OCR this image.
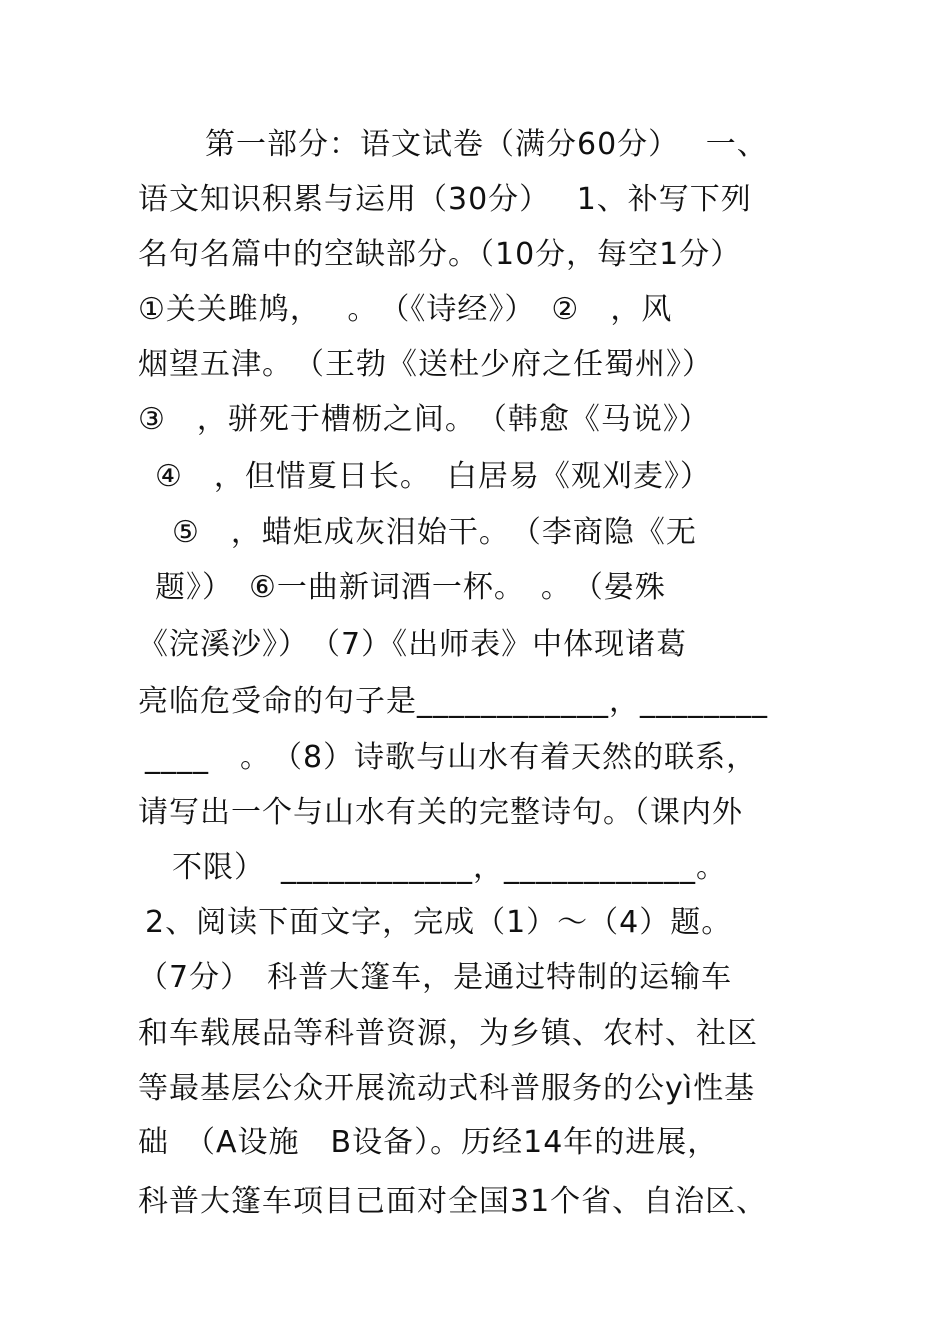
第一部分：语文试卷（满分60分）　 一、
语文知识积累与运用（30分）　 1、补写下列
名句名篇中的空缺部分。（10分，每空1分）
①关关雎鸠，　 。　（《诗经》）　②　，风
烟望五津。　（王勃《送杜少府之任蜀州》）
③　，骈死于槽枥之间。　（韩愈《马说》）
④　，但惜夏日长。　白居易《观刈麦》）
⑤　，蜡炬成灰泪始干。　（李商隐《无
题》）　⑥一曲新词酒一杯。　。　（晏殊
《浣溪沙》）　（7）《出师表》中体现诸葛
亮临危受命的句子是____________，________
____　。　（8）诗歌与山水有着天然的联系，
请写出一个与山水有关的完整诗句。（课内外
不限）　____________，____________。
2、阅读下面文字，完成（1）～（4）题。
（7分）　科普大篷车，是通过特制的运输车
和车载展品等科普资源，为乡镇、农村、社区
等最基层公众开展流动式科普服务的公yì性基
础　（A设施　B设备）。历经14年的进展，
科普大篷车项目已面对全国31个省、自治区、
